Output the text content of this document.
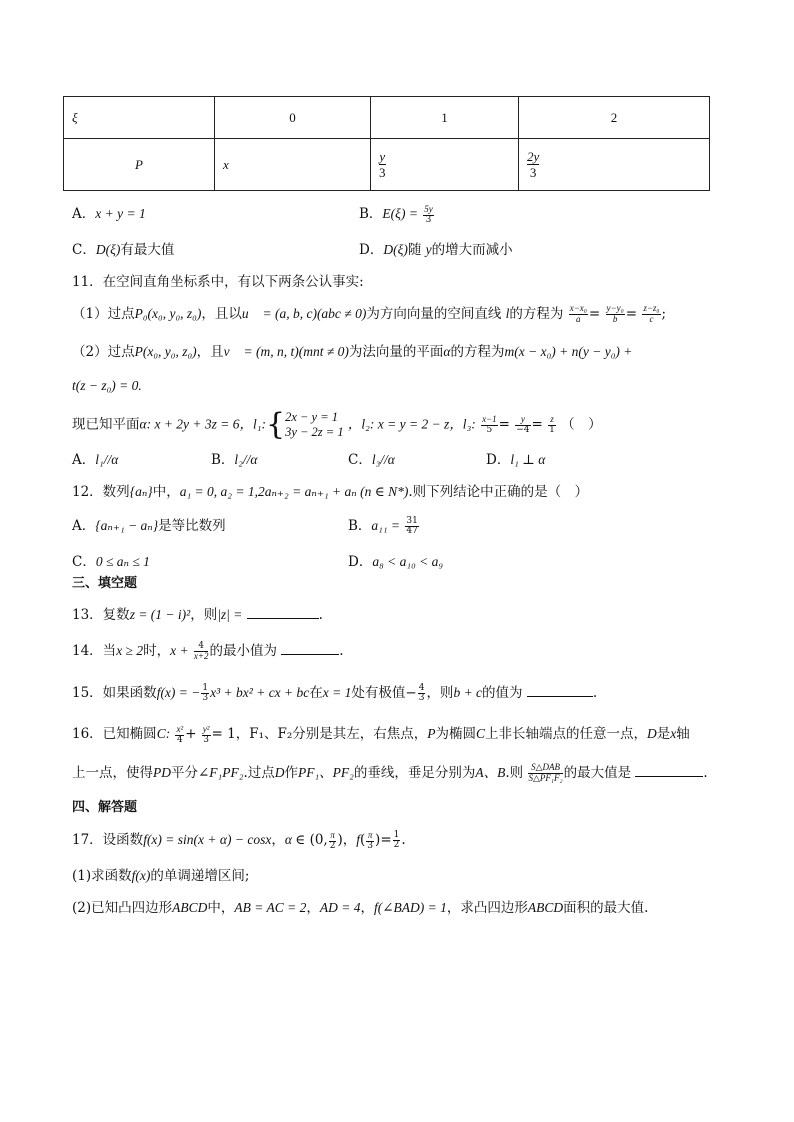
ξ	0	1	2
P	x	$\frac{y}{3}$	$\frac{2y}{3}$
A．x + y = 1	B．$E(\xi) = \frac{5y}{3}$
C．D(ξ)有最大值	D．D(ξ)随 y的增大而减小
11．在空间直角坐标系中，有以下两条公认事实:
（1）过点P₀(x₀, y₀, z₀)，且以u⃗ = (a, b, c)(abc ≠ 0)为方向向量的空间直线 l的方程为 $\frac{\text{x−x₀}}{a}= \frac{\text{y−y₀}}{b}= \frac{\text{z−z₀}}{c}$;
（2）过点P(x₀, y₀, z₀)，且v⃗ = (m, n, t)(mnt ≠ 0)为法向量的平面α的方程为m(x − x₀) + n(y − y₀) +
t(z − z₀) = 0.
现已知平面α: x + 2y + 3z = 6，l₁:{ 2x − y = 1
3y − 2z = 1
，l₂: x = y = 2 − z，l₃: $\frac{x-1}{5} = \frac{y}{-4} = \frac{z}{1}$ （　）
A．l₁//α	B．l₂//α	C．l₃//α	D．l₁ ⊥ α
12．数列{aₙ}中，a₁ = 0, a₂ = 1,2aₙ₊₂ = aₙ₊₁ + aₙ (n ∈ N*).则下列结论中正确的是（　）
A．{aₙ₊₁ − aₙ}是等比数列	B．$a_{11} = \frac{31}{47}$
C．0 ≤ aₙ ≤ 1	D．a₈ < a₁₀ < a₉
三、填空题
13．复数z = (1 − i)²，则|z| =	.
14．当x ≥ 2时，$x + \frac{4}{x+2}$的最小值为	.
15．如果函数f(x) = − $\frac{1}{3} x^3 + bx^2$ + cx + bc在x = 1处有极值− $\frac{4}{3}$ ，则b + c的值为	.
16．已知椭圆C: $\frac{\text{x²}}{4} + \frac{\text{y²}}{3} = 1$，F₁、F₂分别是其左，右焦点，P为椭圆C上非长轴端点的任意一点，D是x轴
上一点，使得PD平分∠F₁PF₂.过点D作PF₁、PF₂的垂线，垂足分别为A、B.则 $\frac{\text{S△DAB}}{\text{S△PF₁F₂}}$的最大值是	.
四、解答题
17．设函数f(x) = sin(x + α) − cosx，α ∈ (0, $\frac{\pi}{2}$ )，$f( \frac{\pi}{3}$ )= $\frac{1}{2}$ .
(1)求函数f(x)的单调递增区间;
(2)已知凸四边形ABCD中，AB = AC = 2，AD = 4，f(∠BAD) = 1，求凸四边形ABCD面积的最大值.
